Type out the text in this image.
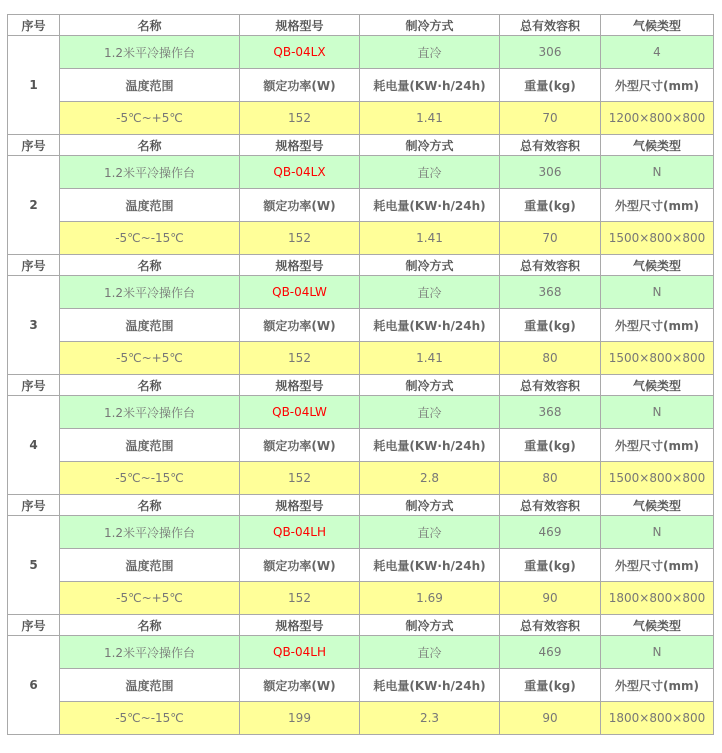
序号	名称	规格型号	制冷方式	总有效容积	气候类型
1	1.2米平冷操作台	QB-04LX	直冷	306	4
	温度范围	额定功率(W)	耗电量(KW·h/24h)	重量(kg)	外型尺寸(mm)
	-5℃~+5℃	152	1.41	70	1200×800×800
序号	名称	规格型号	制冷方式	总有效容积	气候类型
2	1.2米平冷操作台	QB-04LX	直冷	306	N
	温度范围	额定功率(W)	耗电量(KW·h/24h)	重量(kg)	外型尺寸(mm)
	-5℃~-15℃	152	1.41	70	1500×800×800
序号	名称	规格型号	制冷方式	总有效容积	气候类型
3	1.2米平冷操作台	QB-04LW	直冷	368	N
	温度范围	额定功率(W)	耗电量(KW·h/24h)	重量(kg)	外型尺寸(mm)
	-5℃~+5℃	152	1.41	80	1500×800×800
序号	名称	规格型号	制冷方式	总有效容积	气候类型
4	1.2米平冷操作台	QB-04LW	直冷	368	N
	温度范围	额定功率(W)	耗电量(KW·h/24h)	重量(kg)	外型尺寸(mm)
	-5℃~-15℃	152	2.8	80	1500×800×800
序号	名称	规格型号	制冷方式	总有效容积	气候类型
5	1.2米平冷操作台	QB-04LH	直冷	469	N
	温度范围	额定功率(W)	耗电量(KW·h/24h)	重量(kg)	外型尺寸(mm)
	-5℃~+5℃	152	1.69	90	1800×800×800
序号	名称	规格型号	制冷方式	总有效容积	气候类型
6	1.2米平冷操作台	QB-04LH	直冷	469	N
	温度范围	额定功率(W)	耗电量(KW·h/24h)	重量(kg)	外型尺寸(mm)
	-5℃~-15℃	199	2.3	90	1800×800×800
